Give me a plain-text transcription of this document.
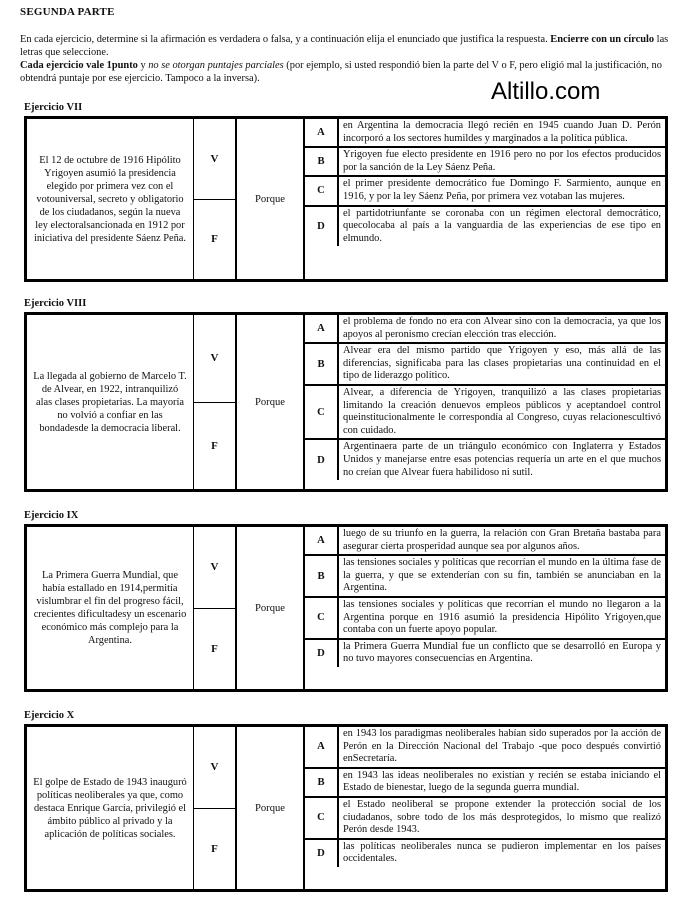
SEGUNDA PARTE
En cada ejercicio, determine si la afirmación es verdadera o falsa, y a continuación elija el enunciado que justifica la respuesta. Encierre con un círculo las letras que seleccione.
Cada ejercicio vale 1punto y no se otorgan puntajes parciales (por ejemplo, si usted respondió bien la parte del V o F, pero eligió mal la justificación, no obtendrá puntaje por ese ejercicio. Tampoco a la inversa).	Altillo.com
Ejercicio VII
El 12 de octubre de 1916 Hipólito Yrigoyen asumió la presidencia elegido por primera vez con el votouniversal, secreto y obligatorio de los ciudadanos, según la nueva ley electoralsancionada en 1912 por iniciativa del presidente Sáenz Peña.
V
F
Porque
A
en Argentina la democracia llegó recién en 1945 cuando Juan D. Perón incorporó a los sectores humildes y marginados a la política pública.
B
Yrigoyen fue electo presidente en 1916 pero no por los efectos producidos por la sanción de la Ley Sáenz Peña.
C
el primer presidente democrático fue Domingo F. Sarmiento, aunque en 1916, y por la ley Sáenz Peña, por primera vez votaban las mujeres.
D
el partidotriunfante se coronaba con un régimen electoral democrático, quecolocaba al país a la vanguardia de las experiencias de ese tipo en elmundo.
Ejercicio VIII
La llegada al gobierno de Marcelo T. de Alvear, en 1922, intranquilizó alas clases propietarias. La mayoría no volvió a confiar en las bondadesde la democracia liberal.
V
F
Porque
A
el problema de fondo no era con Alvear sino con la democracia, ya que los apoyos al peronismo crecían elección tras elección.
B
Alvear era del mismo partido que Yrigoyen y eso, más allá de las diferencias, significaba para las clases propietarias una continuidad en el tipo de liderazgo político.
C
Alvear, a diferencia de Yrigoyen, tranquilizó a las clases propietarias limitando la creación denuevos empleos públicos y aceptandoel control queinstitucionalmente le correspondía al Congreso, cuyas relacionescultivó con cuidado.
D
Argentinaera parte de un triángulo económico con Inglaterra y Estados Unidos y manejarse entre esas potencias requería un arte en el que muchos no creían que Alvear fuera habilidoso ni sutil.
Ejercicio IX
La Primera Guerra Mundial, que había estallado en 1914,permitía vislumbrar el fin del progreso fácil, crecientes dificultadesy un escenario económico más complejo para la Argentina.
V
F
Porque
A
luego de su triunfo en la guerra, la relación con Gran Bretaña bastaba para asegurar cierta prosperidad aunque sea por algunos años.
B
las tensiones sociales y políticas que recorrían el mundo en la última fase de la guerra, y que se extenderían con su fin, también se anunciaban en la Argentina.
C
las tensiones sociales y políticas que recorrían el mundo no llegaron a la Argentina porque en 1916 asumió la presidencia Hipólito Yrigoyen,que contaba con un fuerte apoyo popular.
D
la Primera Guerra Mundial fue un conflicto que se desarrolló en Europa y no tuvo mayores consecuencias en Argentina.
Ejercicio X
El golpe de Estado de 1943 inauguró políticas neoliberales ya que, como destaca Enrique García, privilegió el ámbito público al privado y la aplicación de políticas sociales.
V
F
Porque
A
en 1943 los paradigmas neoliberales habían sido superados por la acción de Perón en la Dirección Nacional del Trabajo -que poco después convirtió enSecretaría.
B
en 1943 las ideas neoliberales no existían y recién se estaba iniciando el Estado de bienestar, luego de la segunda guerra mundial.
C
el Estado neoliberal se propone extender la protección social de los ciudadanos, sobre todo de los más desprotegidos, lo mismo que realizó Perón desde 1943.
D
las políticas neoliberales nunca se pudieron implementar en los países occidentales.
